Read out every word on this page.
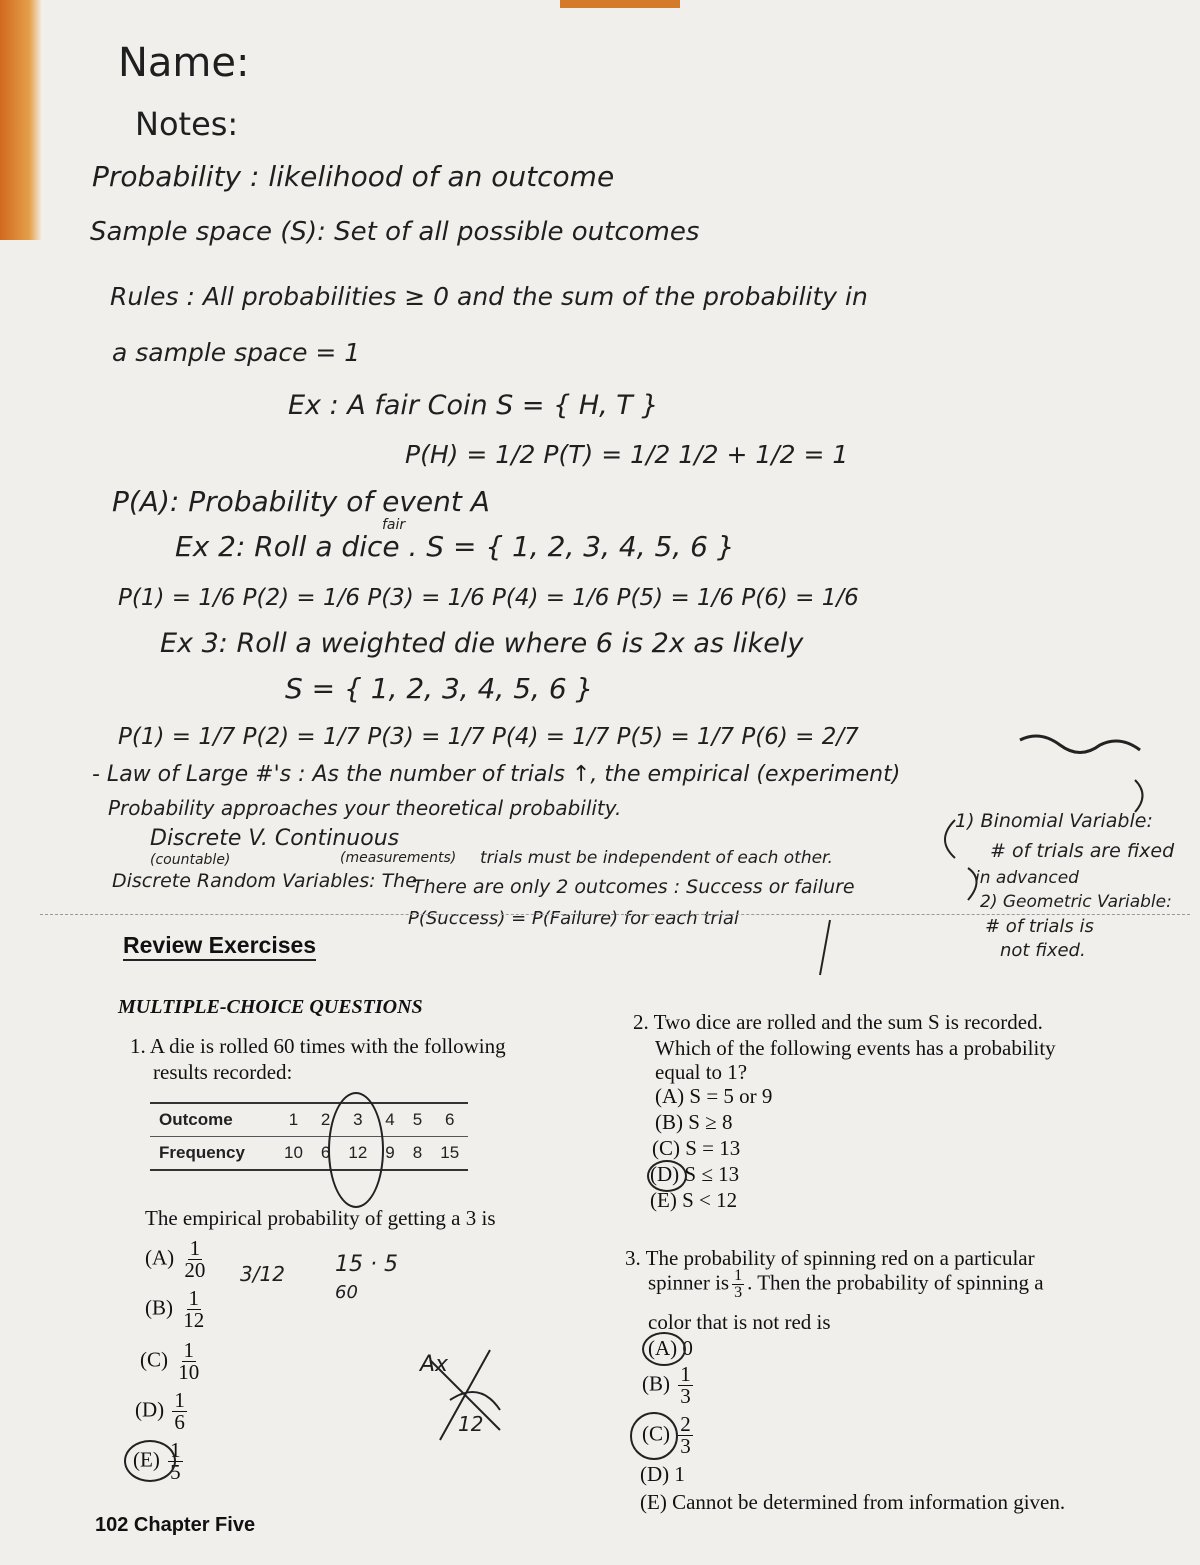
Name:
Notes:
Probability : likelihood of an outcome
Sample space (S): Set of all possible outcomes
Rules : All probabilities ≥ 0 and the sum of the probability in
a sample space = 1
Ex : A fair Coin S = { H, T }
P(H) = 1/2 P(T) = 1/2 1/2 + 1/2 = 1
P(A): Probability of event A
fair
Ex 2: Roll a dice . S = { 1, 2, 3, 4, 5, 6 }
P(1) = 1/6 P(2) = 1/6 P(3) = 1/6 P(4) = 1/6 P(5) = 1/6 P(6) = 1/6
Ex 3: Roll a weighted die where 6 is 2x as likely
S = { 1, 2, 3, 4, 5, 6 }
P(1) = 1/7 P(2) = 1/7 P(3) = 1/7 P(4) = 1/7 P(5) = 1/7 P(6) = 2/7
- Law of Large #'s : As the number of trials ↑, the empirical (experiment)
Probability approaches your theoretical probability.
Discrete V. Continuous
(countable)	(measurements)
Discrete Random Variables: The
trials must be independent of each other.
There are only 2 outcomes : Success or failure
P(Success) = P(Failure) for each trial
1) Binomial Variable:
# of trials are fixed
in advanced
2) Geometric Variable:
# of trials is
not fixed.
Review Exercises
MULTIPLE-CHOICE QUESTIONS
1. A die is rolled 60 times with the following
results recorded:
Outcome	1	2	3	4	5	6
Frequency	10	6	12	9	8	15
The empirical probability of getting a 3 is
$(A) \frac{1}{20}$
$(B) \frac{1}{12}$
$(C) \frac{1}{10}$
$(D) \frac{1}{6}$
$(E) \frac{1}{5}$
3/12 15 · 5
60
Ax
12
2. Two dice are rolled and the sum S is recorded.
Which of the following events has a probability
equal to 1?
(A) S = 5 or 9
(B) S ≥ 8
(C) S = 13
(D) S ≤ 13
(E) S < 12
3. The probability of spinning red on a particular
spinner is $\frac{1}{3}$ . Then the probability of spinning a
color that is not red is
(A) 0
$(B) \frac{1}{3}$
$(C) \frac{2}{3}$
(D) 1
(E) Cannot be determined from information given.
102 Chapter Five
